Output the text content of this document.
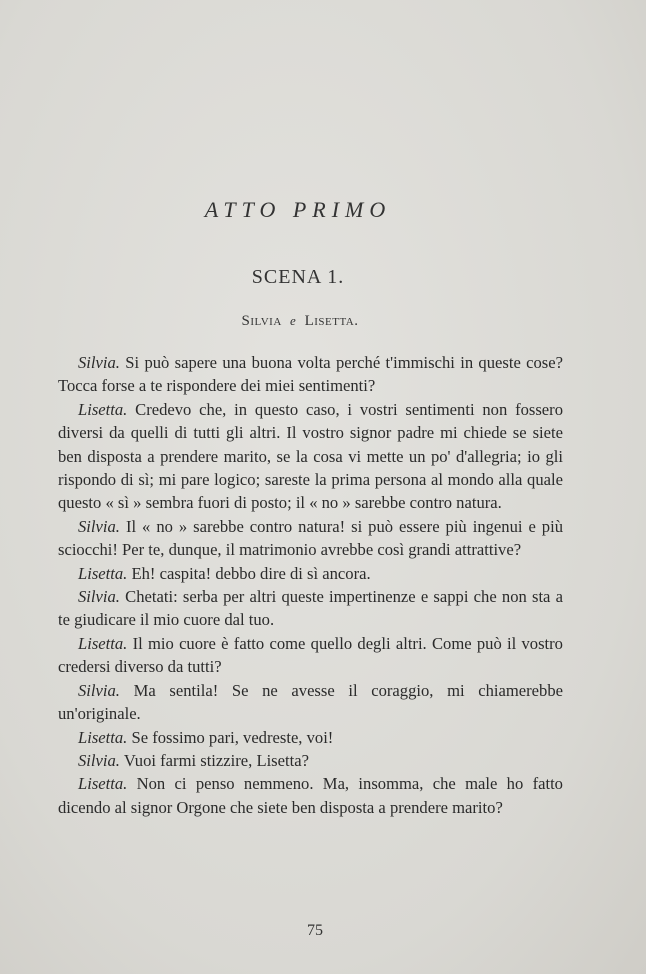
ATTO PRIMO
SCENA 1.
Silvia e Lisetta.

Silvia. Si può sapere una buona volta perché t'immischi in queste cose? Tocca forse a te rispondere dei miei sentimenti?

Lisetta. Credevo che, in questo caso, i vostri sentimenti non fossero diversi da quelli di tutti gli altri. Il vostro signor padre mi chiede se siete ben disposta a prendere marito, se la cosa vi mette un po' d'allegria; io gli rispondo di sì; mi pare logico; sareste la prima persona al mondo alla quale questo « sì » sembra fuori di posto; il « no » sarebbe contro natura.

Silvia. Il « no » sarebbe contro natura! si può essere più ingenui e più sciocchi! Per te, dunque, il matrimonio avrebbe così grandi attrattive?

Lisetta. Eh! caspita! debbo dire di sì ancora.

Silvia. Chetati: serba per altri queste impertinenze e sappi che non sta a te giudicare il mio cuore dal tuo.

Lisetta. Il mio cuore è fatto come quello degli altri. Come può il vostro credersi diverso da tutti?

Silvia. Ma sentila! Se ne avesse il coraggio, mi chiamerebbe un'originale.

Lisetta. Se fossimo pari, vedreste, voi!

Silvia. Vuoi farmi stizzire, Lisetta?

Lisetta. Non ci penso nemmeno. Ma, insomma, che male ho fatto dicendo al signor Orgone che siete ben disposta a prendere marito?

75
